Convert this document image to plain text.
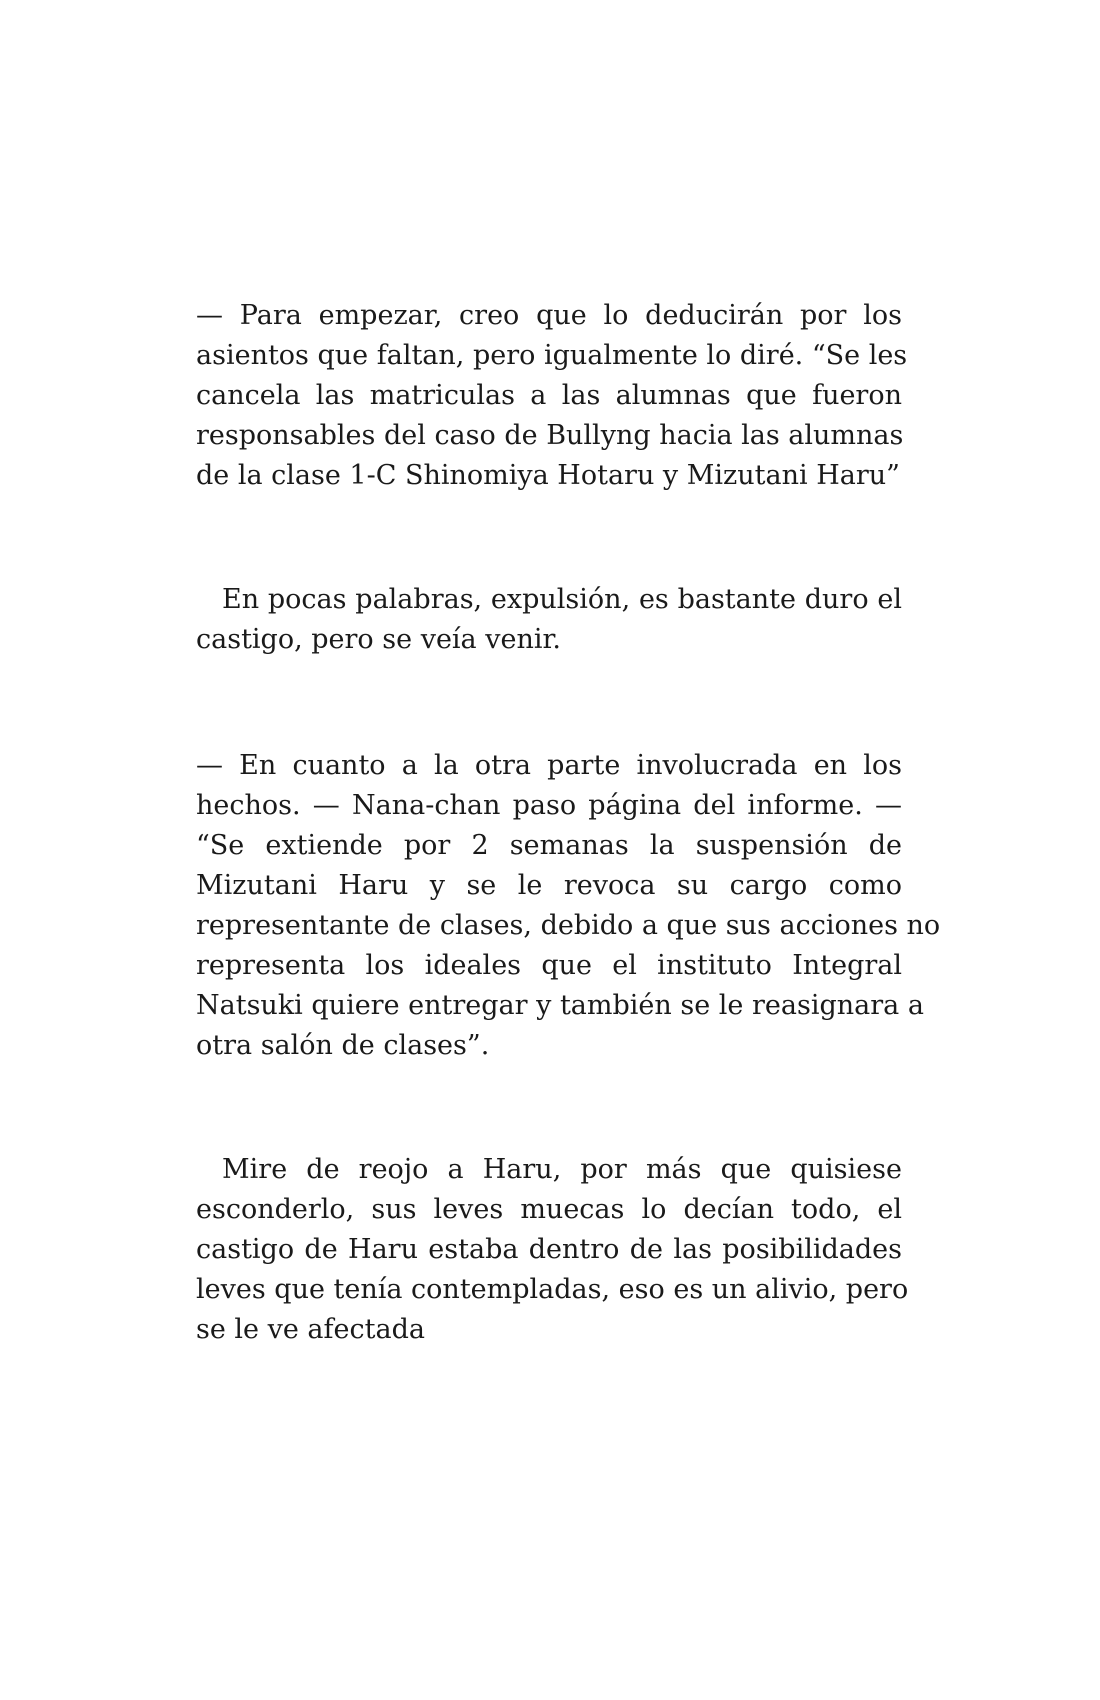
— Para empezar, creo que lo deducirán por los
asientos que faltan, pero igualmente lo diré. “Se les
cancela las matriculas a las alumnas que fueron
responsables del caso de Bullyng hacia las alumnas
de la clase 1-C Shinomiya Hotaru y Mizutani Haru”
En pocas palabras, expulsión, es bastante duro el
castigo, pero se veía venir.
— En cuanto a la otra parte involucrada en los
hechos. — Nana-chan paso página del informe. —
“Se extiende por 2 semanas la suspensión de
Mizutani Haru y se le revoca su cargo como
representante de clases, debido a que sus acciones no
representa los ideales que el instituto Integral
Natsuki quiere entregar y también se le reasignara a
otra salón de clases”.
Mire de reojo a Haru, por más que quisiese
esconderlo, sus leves muecas lo decían todo, el
castigo de Haru estaba dentro de las posibilidades
leves que tenía contempladas, eso es un alivio, pero
se le ve afectada
